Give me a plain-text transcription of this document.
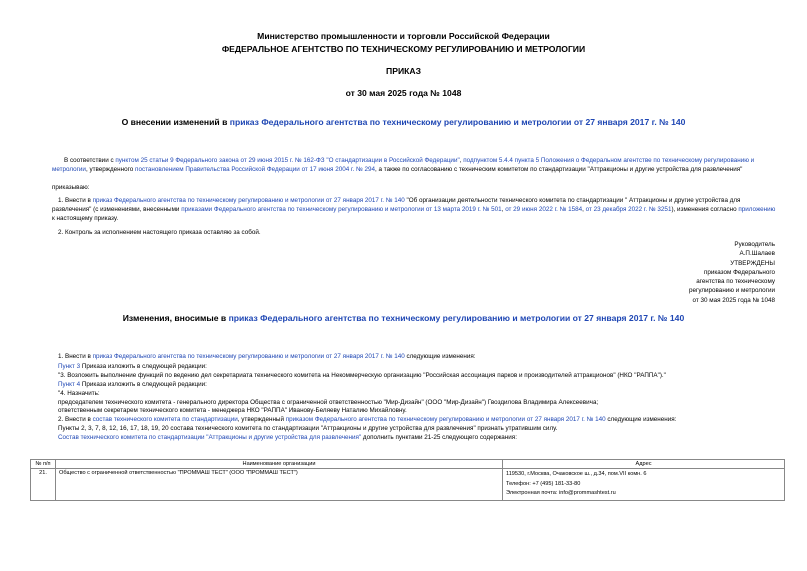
Министерство промышленности и торговли Российской Федерации
ФЕДЕРАЛЬНОЕ АГЕНТСТВО ПО ТЕХНИЧЕСКОМУ РЕГУЛИРОВАНИЮ И МЕТРОЛОГИИ
ПРИКАЗ
от 30 мая 2025 года № 1048
О внесении изменений в приказ Федерального агентства по техническому регулированию и метрологии от 27 января 2017 г. № 140
В соответствии с пунктом 25 статьи 9 Федерального закона от 29 июня 2015 г. № 162-ФЗ "О стандартизации в Российской Федерации", подпунктом 5.4.4 пункта 5 Положения о Федеральном агентстве по техническому регулированию и метрологии, утвержденного постановлением Правительства Российской Федерации от 17 июня 2004 г. № 294, а также по согласованию с техническим комитетом по стандартизации "Аттракционы и другие устройства для развлечения"
приказываю:
1. Внести в приказ Федерального агентства по техническому регулированию и метрологии от 27 января 2017 г. № 140 "Об организации деятельности технического комитета по стандартизации " Аттракционы и другие устройства для развлечения" (с изменениями, внесенными приказами Федерального агентства по техническому регулированию и метрологии от 13 марта 2019 г. № 501, от 29 июня 2022 г. № 1584, от 23 декабря 2022 г. № 3251), изменения согласно приложению к настоящему приказу.
2. Контроль за исполнением настоящего приказа оставляю за собой.
Руководитель
А.П.Шалаев
УТВЕРЖДЕНЫ
приказом Федерального
агентства по техническому
регулированию и метрологии
от 30 мая 2025 года № 1048
Изменения, вносимые в приказ Федерального агентства по техническому регулированию и метрологии от 27 января 2017 г. № 140
1. Внести в приказ Федерального агентства по техническому регулированию и метрологии от 27 января 2017 г. № 140 следующие изменения:
Пункт 3 Приказа изложить в следующей редакции:
"3. Возложить выполнение функций по ведению дел секретариата технического комитета на Некоммерческую организацию "Российская ассоциация парков и производителей аттракционов" (НКО "РАППА")."
Пункт 4 Приказа изложить в следующей редакции:
"4. Назначить:
председателем технического комитета - генерального директора Общества с ограниченной ответственностью "Мир-Дизайн" (ООО "Мир-Дизайн") Гвоздилова Владимира Алексеевича;
ответственным секретарем технического комитета - менеджера НКО "РАППА" Иванову-Беляеву Наталию Михайловну.
2. Внести в состав технического комитета по стандартизации, утвержденный приказом Федерального агентства по техническому регулированию и метрологии от 27 января 2017 г. № 140 следующие изменения:
Пункты 2, 3, 7, 8, 12, 16, 17, 18, 19, 20 состава технического комитета по стандартизации "Аттракционы и другие устройства для развлечения" признать утратившим силу.
Состав технического комитета по стандартизации "Аттракционы и другие устройства для развлечения" дополнить пунктами 21-25 следующего содержания:
№ п/п	Наименование организации	Адрес
21.	Общество с ограниченной ответственностью "ПРОММАШ ТЕСТ" (ООО "ПРОММАШ ТЕСТ")	119530, г.Москва, Очаковское ш., д.34, пом.VII комн. 6
Телефон: +7 (495) 181-33-80
Электронная почта: info@prommashtest.ru
